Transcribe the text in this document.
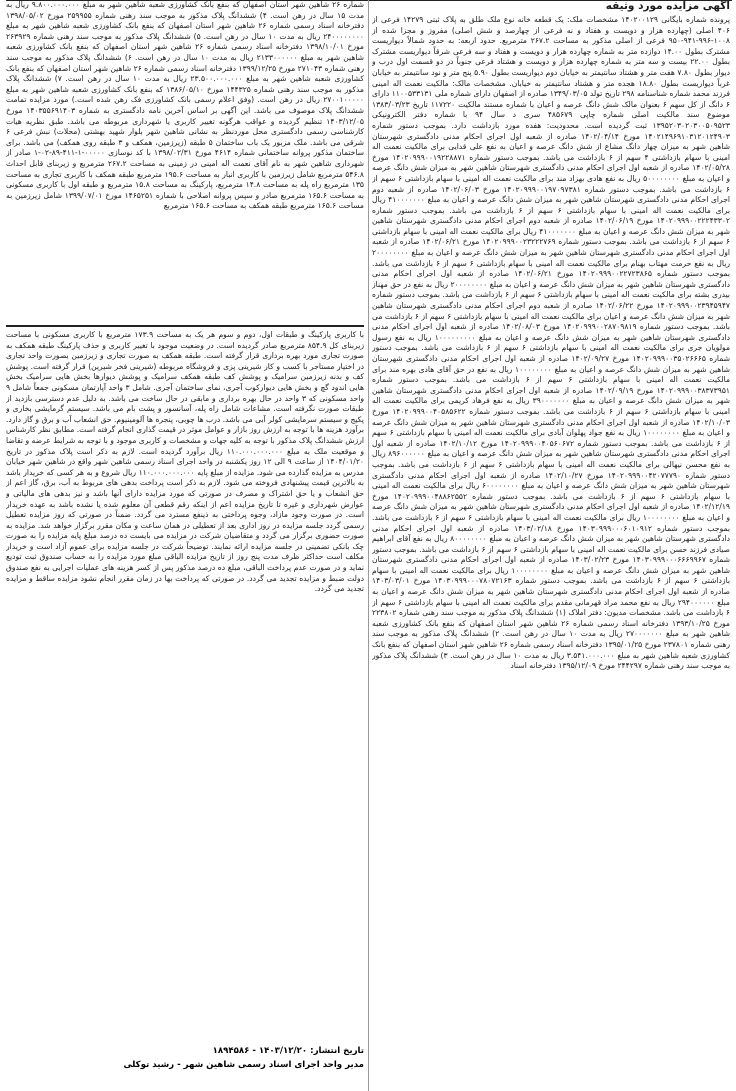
آگهی مزایده مورد وثیقه

پرونده شماره بایگانی ۱۴۰۲۰۰۱۲۹ مشخصات ملک: یک قطعه خانه نوع ملک طلق به پلاک ثبتی ۱۴۲۷۹ فرعی از ۴۰۶ اصلی (چهارده هزار و دویست و هفتاد و نه فرعی از چهارصد و شش اصلی) مفروز و مجزا شده از ۱۰۰۸-۹۹۶-۹۴۱-۹۵۰ فرعی از اصلی مذکور به مساحت ۲۶۷.۲ مترمربع. حدود اربعه: به حدود شمالاً دیواریست مشترک بطول ۱۴.۰۰ دوازده متر به شماره چهارده هزار و دویست و هفتاد و سه فرعی شرقاً دیواریست مشترک بطول ۲۲.۰۰ بیست و سه متر به شماره چهارده هزار و دویست و هشتاد فرعی جنوباً در دو قسمت اول درب و دیوار بطول ۷.۸۰ هفت متر و هشتاد سانتیمتر به خیابان دوم دیواریست بطول ۵.۹۰ پنج متر و نود سانتیمتر به خیابان غرباً دیواریست بطول ۱۸.۸۰ هجده متر و هشتاد سانتیمتر به خیابان. مشخصات مالک: مالکیت نعمت اله امینی فرزند محمد شماره شناسنامه ۲۹۸ تاریخ تولد ۱۳۴۹/۰۳/۰۵ صادره از اصفهان دارای شماره ملی ۱۱۰۰۵۳۳۱۳۱ دارای ۶ دانگ از کل سهم ۶ بعنوان مالک شش دانگ عرصه و اعیان با شماره مستند مالکیت ۱۱۷۲۲۰ تاریخ ۱۳۸۳/۰۳/۲۳ موضوع سند مالکیت اصلی شماره چاپی ۴۸۵۶۷۹ سری د سال ۹۴ با شماره دفتر الکترونیکی ۱۳۹۵۲۰۳۰۲۰۳۰۰۵۰۹۵۲۳ ثبت گردیده است. محدودیت: هفده مورد بازداشت دارد. بموجب دستور شماره ۱۴۰۲۱۴۹۶۹۱۰۳۱۲۰۱۲۴۹۰۳ مورخ ۱۴۰۲/۰۴/۱۴ صادره از شعبه اول اجرای احکام مدنی دادگستری شهرستان شاهین شهر به میزان چهار دانگ مشاع از شش دانگ عرصه و اعیان به نفع علی قدایی برای مالکیت نعمت اله امینی با سهام بازداشتی ۴ سهم از ۶ بازداشت می باشد. بموجب دستور شماره ۱۴۰۲۰۹۹۹۰۰۱۹۲۲۸۸۷۱ مورخ ۱۴۰۲/۰۵/۲۸ صادره از شعبه اول اجرای احکام مدنی دادگستری شهرستان شاهین شهر به میزان شش دانگ عرصه و اعیان به مبلغ ۵۰۰۰۰۰۰۰۰ ریال به نفع هادی بهزاد مند برای مالکیت نعمت اله امینی با سهام بازداشتی ۶ سهم از ۶ بازداشت می باشد. بموجب دستور شماره ۱۴۰۲۰۹۹۹۰۰۱۹۷۰۹۷۳۸۱ مورخ ۱۴۰۲/۰۶/۰۳ صادره از شعبه دوم اجرای احکام مدنی دادگستری شهرستان شاهین شهر به میزان شش دانگ عرصه و اعیان به مبلغ ۴۱۰۰۰۰۰۰۰ ریال برای مالکیت نعمت اله امینی با سهام بازداشتی ۶ سهم از ۶ بازداشت می باشد. بموجب دستور شماره ۱۴۰۲۰۹۹۹۰۰۲۲۲۴۳۳۰۲ مورخ ۱۴۰۲/۰۶/۱۹ صادره از شعبه دوم اجرای احکام مدنی دادگستری شهرستان شاهین شهر به میزان شش دانگ عرصه و اعیان به مبلغ ۴۱۰۰۰۰۰۰۰ ریال برای مالکیت نعمت اله امینی با سهام بازداشتی ۶ سهم از ۶ بازداشت می باشد. بموجب دستور شماره ۱۴۰۲۰۹۹۹۰۰۲۳۲۲۲۷۶۹ مورخ ۱۴۰۲/۰۶/۲۱ صادره از شعبه اول اجرای احکام مدنی دادگستری شهرستان شاهین شهر به میزان شش دانگ عرصه و اعیان به مبلغ ۲۰۰۰۰۰۰۰۰ ریال به نفع حرمت مهتاب بهنام برای مالکیت نعمت اله امینی با سهام بازداشتی ۶ سهم از ۶ بازداشت می باشد. بموجب دستور شماره ۱۴۰۲۰۹۹۹۰۰۲۲۷۲۳۸۶۵ مورخ ۱۴۰۲/۰۶/۲۱ صادره از شعبه اول اجرای احکام مدنی دادگستری شهرستان شاهین شهر به میزان شش دانگ عرصه و اعیان به مبلغ ۲۰۰۰۰۰۰۰۰ ریال به نفع در حق مهناز بیدری بشته برای مالکیت نعمت اله امینی با سهام بازداشتی ۶ سهم از ۶ بازداشت می باشد. بموجب دستور شماره ۱۴۰۲۰۹۹۹۰۰۲۳۹۴۵۹۴۷ مورخ ۱۴۰۲/۰۶/۲۲ صادره از شعبه دوم اجرای احکام مدنی دادگستری شهرستان شاهین شهر به میزان شش دانگ عرصه و اعیان برای مالکیت نعمت اله امینی با سهام بازداشتی ۶ سهم از ۶ بازداشت می باشد. بموجب دستور شماره ۱۴۰۲۰۹۹۹۰۰۲۸۷۰۹۸۱۹ مورخ ۱۴۰۲/۰۸/۰۳ صادره از شعبه اول اجرای احکام مدنی دادگستری شهرستان شاهین شهر به میزان شش دانگ عرصه و اعیان به مبلغ ۱۰۰۰۰۰۰۰۰۰ ریال به نفع رسول مولویان جری برای مالکیت نعمت اله امینی با سهام بازداشتی ۶ سهم از ۶ بازداشت می باشد. بموجب دستور شماره ۱۴۰۲۰۹۹۹۰۰۳۵۰۲۶۶۶۵ مورخ ۱۴۰۲/۰۹/۲۷ صادره از شعبه اول اجرای احکام مدنی دادگستری شهرستان شاهین شهر به میزان شش دانگ عرصه و اعیان به مبلغ ۱۰۰۰۰۰۰۰۰ ریال به نفع در حق آقای هادی بهره مند برای مالکیت نعمت اله امینی با سهام بازداشتی ۶ سهم از ۶ بازداشت می باشد. بموجب دستور شماره ۱۴۰۲۰۹۹۹۰۰۳۸۳۷۳۹۵۱ مورخ ۱۴۰۲/۰۹/۱۹ صادره از شعبه اول اجرای احکام مدنی دادگستری شهرستان شاهین شهر به میزان شش دانگ عرصه و اعیان به مبلغ ۳۹۰۰۰۰۰۰۰ ریال به نفع فرهاد کریمی برای مالکیت نعمت اله امینی با سهام بازداشتی ۶ سهم از ۶ بازداشت می باشد. بموجب دستور شماره ۱۴۰۲۰۹۹۹۰۰۴۰۵۸۵۶۲۲ مورخ ۱۴۰۲/۱۰/۰۳ صادره از شعبه اول اجرای احکام مدنی دادگستری شهرستان شاهین شهر به میزان شش دانگ عرصه و اعیان به مبلغ ۱۰۰۰۰۰۰۰۰ ریال به نفع جواد پهلوان آبادی برای مالکیت نعمت اله امینی با سهام بازداشتی ۶ سهم از ۶ بازداشت می باشد. بموجب دستور شماره ۱۴۰۲۰۹۹۹۰۰۴۰۵۶۰۶۷۲ مورخ ۱۴۰۲/۱۰/۱۲ صادره از شعبه اول اجرای احکام مدنی دادگستری شهرستان شاهین شهر به میزان شش دانگ عرصه و اعیان به مبلغ ۸۹۶۰۰۰۰۰۰ ریال به نفع محسن نیهالی برای مالکیت نعمت اله امینی با سهام بازداشتی ۶ سهم از ۶ بازداشت می باشد. بموجب دستور شماره ۱۴۰۲۰۹۹۹۰۰۴۲۰۷۷۷۹۰ مورخ ۱۴۰۲/۱۰/۲۷ صادره از شعبه اول اجرای احکام مدنی دادگستری شهرستان شاهین شهر به میزان شش دانگ عرصه و اعیان به مبلغ ۶۰۰۰۰۰۰۰۰ ریال برای مالکیت نعمت اله امینی با سهام بازداشتی ۶ سهم از ۶ بازداشت می باشد. بموجب دستور شماره ۱۴۰۲۰۹۹۹۰۰۴۸۸۶۲۵۵۲ مورخ ۱۴۰۲/۱۲/۱۹ صادره از شعبه اول اجرای احکام مدنی دادگستری شهرستان شاهین شهر به میزان شش دانگ عرصه و اعیان به مبلغ ۱۰۰۰۰۰۰۰۰ ریال برای مالکیت نعمت اله امینی با سهام بازداشتی ۶ سهم از ۶ بازداشت می باشد. بموجب دستور شماره ۱۴۰۳۰۹۹۹۰۰۰۶۰۱۰۹۱۲ مورخ ۱۴۰۳/۰۲/۱۸ صادره از شعبه اول اجرای احکام مدنی دادگستری شهرستان شاهین شهر به میزان شش دانگ عرصه و اعیان به مبلغ ۸۰۰۰۰۰۰۰۰ ریال به نفع آقای ابراهیم صیادی فرزند حسن برای مالکیت نعمت اله امینی با سهام بازداشتی ۶ سهم از ۶ بازداشت می باشد. بموجب دستور شماره ۱۴۰۳۰۹۹۹۰۰۰۶۶۶۹۹۶۷ مورخ ۱۴۰۳/۰۲/۲۳ صادره از شعبه اول اجرای احکام مدنی دادگستری شهرستان شاهین شهر به میزان شش دانگ عرصه و اعیان به مبلغ ۱۰۰۰۰۰۰۰۰ ریال برای مالکیت نعمت اله امینی با سهام بازداشتی ۶ سهم از ۶ بازداشت می باشد. بموجب دستور شماره ۱۴۰۳۰۹۹۹۰۰۰۷۸۰۷۲۱۶۳ مورخ ۱۴۰۳/۰۳/۰۱ صادره از شعبه اول اجرای احکام مدنی دادگستری شهرستان شاهین شهر به میزان شش دانگ عرصه و اعیان به مبلغ ۲۹۴۰۰۰۰۰۰ ریال به نفع محمد مراد قهرمانی مقدم برای مالکیت نعمت اله امینی با سهام بازداشتی ۶ سهم از ۶ بازداشت می باشد. مشخصات مدیون: دفتر املاک (۱) ششدانگ پلاک مذکور به موجب سند رهنی شماره ۲۲۳۸۰۲ مورخ ۱۳۹۳/۱۰/۲۵ دفترخانه اسناد رسمی شماره ۲۶ شاهین شهر استان اصفهان که بنفع بانک کشاورزی شعبه شاهین شهر به مبلغ ۲۷۰۰۰۰۰۰۰ ریال به مدت ۱۰ سال در رهن است. ۲) ششدانگ پلاک مذکور به موجب سند رهنی شماره ۲۳۷۸۰۱ مورخ ۱۳۹۵/۰۱/۲۵ دفترخانه اسناد رسمی شماره ۲۶ شاهین شهر استان اصفهان که بنفع بانک کشاورزی شعبه شاهین شهر به مبلغ ۳.۵۴۱.۰۰۰.۰۰۰ ریال به مدت ۱۰ سال در رهن است. ۳) ششدانگ پلاک مذکور به موجب سند رهنی شماره ۲۴۴۲۹۷ مورخ ۱۳۹۵/۱۲/۰۹ دفترخانه اسناد

شماره ۲۶ شاهین شهر استان اصفهان که بنفع بانک کشاورزی شعبه شاهین شهر به مبلغ ۹.۸۰۰.۰۰۰.۰۰۰ ریال به مدت ۱۵ سال در رهن است. ۴) ششدانگ پلاک مذکور به موجب سند رهنی شماره ۲۵۹۹۵۵ مورخ ۱۳۹۸/۰۵/۰۲ دفترخانه اسناد رسمی شماره ۲۶ شاهین شهر استان اصفهان که بنفع بانک کشاورزی شعبه شاهین شهر به مبلغ ۲۴۰۰۰۰۰۰۰۰ ریال به مدت ۱۰ سال در رهن است. ۵) ششدانگ پلاک مذکور به موجب سند رهنی شماره ۲۶۳۹۲۹ مورخ ۱۳۹۸/۱۰/۰۱ دفترخانه اسناد رسمی شماره ۲۶ شاهین شهر استان اصفهان که بنفع بانک کشاورزی شعبه شاهین شهر به مبلغ ۲۱۳۳۰۰۰۰۰۰ ریال به مدت ۱۰ سال در رهن است. ۶) ششدانگ پلاک مذکور به موجب سند رهنی شماره ۲۷۱۰۴۳ مورخ ۱۳۹۹/۱۲/۲۵ دفترخانه اسناد رسمی شماره ۲۶ شاهین شهر استان اصفهان که بنفع بانک کشاورزی شعبه شاهین شهر به مبلغ ۲۳.۵۰۰.۰۰۰.۰۰۰ ریال به مدت ۱۰ سال در رهن است. ۷) ششدانگ پلاک مذکور به موجب سند رهنی شماره ۱۴۴۳۲۵ مورخ ۱۳۸۶/۰۵/۱۰ که بنفع بانک کشاورزی شعبه شاهین شهر به مبلغ ۲۷۰۰۱۰۰۰۰۰ ریال در رهن است. (وفق اعلام رسمی بانک کشاورزی فک رهن شده است.) مورد مزایده تمامت ششدانگ پلاک موصوف می باشد. این آگهی بر اساس آخرین نامه دادگستری به شماره ۱۴۰۳۵۵۶۹۱۴۰۳ مورخ ۱۴۰۳/۱۲/۰۵ تنظیم گردیده و عواقب هرگونه تغییر کاربری یا شهرداری مربوطه می باشد. طبق نظریه هیات کارشناسی رسمی دادگستری محل موردنظر به نشانی شاهین شهر بلوار شهید بهشتی (محلات) نبش فرعی ۶ شرقی می باشد. ملک مزبور یک باب ساختمان ۵ طبقه (زیرزمین، همکف و ۳ طبقه روی همکف) می باشد. برای ساختمان مذکور پروانه ساختمانی شماره ۴۶۱۴ مورخ ۱۳۹۸/۰۲/۳۱ با کد نوسازی ۰۰۰۰۰-۱-۴۱۱-۸۹-۰۲-۱ صادر از شهرداری شاهین شهر به نام آقای نعمت اله امینی در زمینی به مساحت ۲۶۷.۲ مترمربع و زیربنای قابل احداث ۵۴۶.۸ مترمربع شامل زیرزمین با کاربری انبار به مساحت ۱۹۵.۶ مترمربع طبقه همکف با کاربری تجاری به مساحت ۱۳۵ مترمربع راه پله به مساحت ۱۴.۸ مترمربع، پارکینگ به مساحت ۱۵.۸ مترمربع و طبقه اول با کاربری مسکونی به مساحت ۱۶۵.۶ مترمربع صادر و سپس پروانه اصلاحی با شماره ۱۴۶۵۲۵۱ مورخ ۱۳۹۹/۰۷/۰۱ شامل زیرزمین به مساحت ۱۶۵.۶ مترمربع طبقه همکف به مساحت ۱۶۵.۶ مترمربع

با کاربری پارکینگ و طبقات اول، دوم و سوم هر یک به مساحت ۱۷۳.۹ مترمربع با کاربری مسکونی با مساحت زیربنای کل ۸۵۴.۹ مترمربع صادر گردیده است. در وضعیت موجود با تغییر کاربری و حذف پارکینگ طبقه همکف به صورت تجاری مورد بهره برداری قرار گرفته است. طبقه همکف به صورت تجاری و زیرزمین بصورت واحد تجاری در اختیار مستاجر با کسب و کار شیرینی پزی و فروشگاه مربوطه (شیرینی فخر شیرین) قرار گرفته است. پوشش کف و بدنه زیرزمین سرامیک و پوشش کف طبقه همکف سرامیک و پوشش دیوارها بخش هایی سرامیک بخش هایی اندود گچ و بخش هایی دیوارکوب آجری، نمای ساختمان آجری. شامل ۳ واحد آپارتمان مسکونی جمعاً شامل ۹ واحد مسکونی که ۳ واحد در حال بهره برداری و مابقی در حال ساخت می باشد. به دلیل عدم دسترسی بازدید از طبقات صورت نگرفته است. مشاعات شامل راه پله، آسانسور و پشت بام می باشد. سیستم گرمایشی بخاری و پکیج و سیستم سرمایشی کولر آبی می باشد. درب ها چوبی، پنجره ها آلومینیوم. حق انشعاب آب و برق و گاز دارد. برآورد هزینه ها با توجه به ارزش روز بازار و عوامل موثر در قیمت گذاری انجام گرفته است. مطابق نظر کارشناس ارزش ششدانگ پلاک مذکور با توجه به کلیه جهات و مشخصات و کاربری موجود و با توجه به شرایط عرضه و تقاضا و موقعیت ملک به مبلغ ۱۱۰.۰۰۰.۰۰۰.۰۰۰ ریال برآورد گردیده است. لازم به ذکر است پلاک مذکور در تاریخ ۱۴۰۴/۰۱/۲۰ از ساعت ۹ الی ۱۲ روز یکشنبه در واحد اجرای اسناد رسمی شاهین شهر واقع در شاهین شهر خیابان مدرس به مزایده گذارده می شود. مزایده از مبلغ پایه ۱۱۰.۰۰۰.۰۰۰.۰۰۰ ریال شروع و به هر کسی که خریدار باشد به بالاترین قیمت پیشنهادی فروخته می شود. لازم به ذکر است پرداخت بدهی های مربوط به آب، برق، گاز اعم از حق انشعاب و یا حق اشتراک و مصرف در صورتی که مورد مزایده دارای آنها باشد و نیز بدهی های مالیاتی و عوارض شهرداری و غیره تا تاریخ مزایده اعم از اینکه رقم قطعی آن معلوم شده یا نشده باشد به عهده خریدار است. در صورت وجود مازاد، وجوه پرداختی به ذینفع مسترد می گردد. ضمناً در صورتی که روز مزایده تعطیل رسمی گردد جلسه مزایده در روز اداری بعد از تعطیلی در همان ساعت و مکان مقرر برگزار خواهد شد. مزایده به صورت حضوری برگزار می گردد و متقاضیان شرکت در مزایده می بایست ده درصد مبلغ پایه مزایده را به صورت چک بانکی تضمینی در جلسه مزایده ارائه نمایند. توضیحاً شرکت در جلسه مزایده برای عموم آزاد است و خریدار مکلف است حداکثر ظرف مدت پنج روز از تاریخ مزایده الباقی مبلغ مورد مزایده را به حساب صندوق ثبت تودیع نماید و در صورت عدم پرداخت الباقی، مبلغ ده درصد مذکور پس از کسر هزینه های عملیات اجرایی به نفع صندوق دولت ضبط و مزایده تجدید می گردد. در صورتی که پرداخت بها در زمان مقرر انجام نشود مزایده ساقط و مزایده تجدید می گردد.

تاریخ انتشار: ۱۴۰۳/۱۲/۲۰ - ۱۸۹۴۵۸۶
مدیر واحد اجرای اسناد رسمی شاهین شهر - رشید توکلی
